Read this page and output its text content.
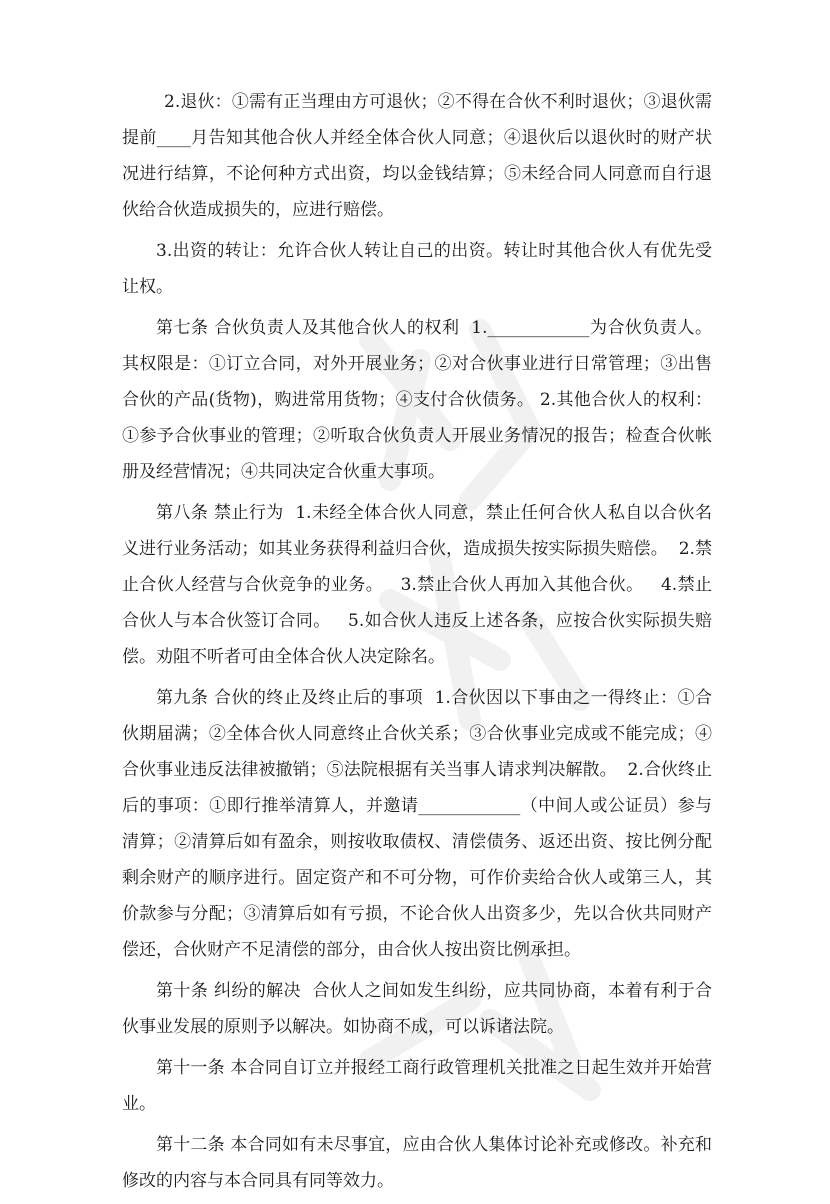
2.退伙：①需有正当理由方可退伙；②不得在合伙不利时退伙；③退伙需提前____月告知其他合伙人并经全体合伙人同意；④退伙后以退伙时的财产状况进行结算，不论何种方式出资，均以金钱结算；⑤未经合同人同意而自行退伙给合伙造成损失的，应进行赔偿。

3.出资的转让：允许合伙人转让自己的出资。转让时其他合伙人有优先受让权。

第七条 合伙负责人及其他合伙人的权利  1.____________为合伙负责人。其权限是：①订立合同，对外开展业务；②对合伙事业进行日常管理；③出售合伙的产品(货物)，购进常用货物；④支付合伙债务。 2.其他合伙人的权利：①参予合伙事业的管理；②听取合伙负责人开展业务情况的报告；检查合伙帐册及经营情况；④共同决定合伙重大事项。

第八条 禁止行为  1.未经全体合伙人同意，禁止任何合伙人私自以合伙名义进行业务活动；如其业务获得利益归合伙，造成损失按实际损失赔偿。  2.禁止合伙人经营与合伙竞争的业务。   3.禁止合伙人再加入其他合伙。   4.禁止合伙人与本合伙签订合同。   5.如合伙人违反上述各条，应按合伙实际损失赔偿。劝阻不听者可由全体合伙人决定除名。

第九条 合伙的终止及终止后的事项  1.合伙因以下事由之一得终止：①合伙期届满；②全体合伙人同意终止合伙关系；③合伙事业完成或不能完成；④合伙事业违反法律被撤销；⑤法院根据有关当事人请求判决解散。  2.合伙终止后的事项：①即行推举清算人，并邀请____________（中间人或公证员）参与清算；②清算后如有盈余，则按收取债权、清偿债务、返还出资、按比例分配剩余财产的顺序进行。固定资产和不可分物，可作价卖给合伙人或第三人，其价款参与分配；③清算后如有亏损，不论合伙人出资多少，先以合伙共同财产偿还，合伙财产不足清偿的部分，由合伙人按出资比例承担。

第十条 纠纷的解决  合伙人之间如发生纠纷，应共同协商，本着有利于合伙事业发展的原则予以解决。如协商不成，可以诉诸法院。

第十一条 本合同自订立并报经工商行政管理机关批准之日起生效并开始营业。

第十二条 本合同如有未尽事宜，应由合伙人集体讨论补充或修改。补充和修改的内容与本合同具有同等效力。
